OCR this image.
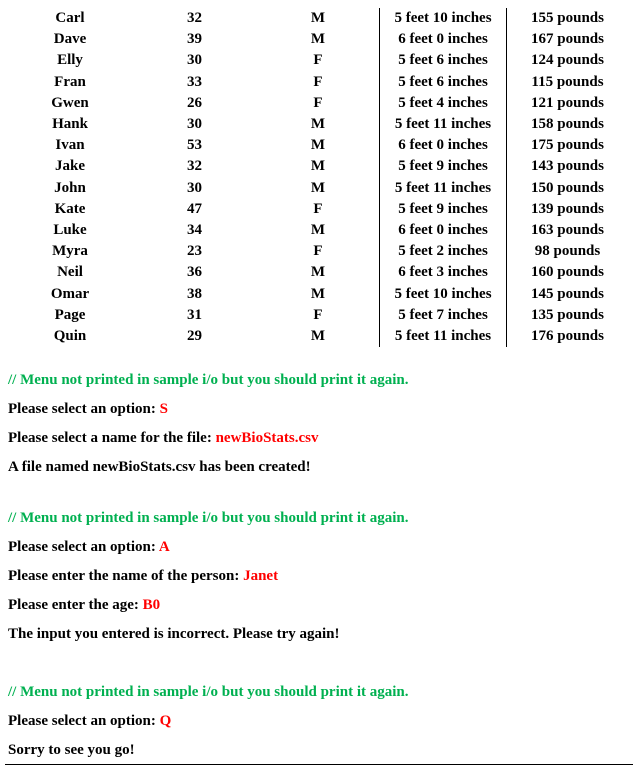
Carl	32	M	5 feet 10 inches	155 pounds
Dave	39	M	6 feet 0 inches	167 pounds
Elly	30	F	5 feet 6 inches	124 pounds
Fran	33	F	5 feet 6 inches	115 pounds
Gwen	26	F	5 feet 4 inches	121 pounds
Hank	30	M	5 feet 11 inches	158 pounds
Ivan	53	M	6 feet 0 inches	175 pounds
Jake	32	M	5 feet 9 inches	143 pounds
John	30	M	5 feet 11 inches	150 pounds
Kate	47	F	5 feet 9 inches	139 pounds
Luke	34	M	6 feet 0 inches	163 pounds
Myra	23	F	5 feet 2 inches	98 pounds
Neil	36	M	6 feet 3 inches	160 pounds
Omar	38	M	5 feet 10 inches	145 pounds
Page	31	F	5 feet 7 inches	135 pounds
Quin	29	M	5 feet 11 inches	176 pounds
// Menu not printed in sample i/o but you should print it again.
Please select an option: S
Please select a name for the file: newBioStats.csv
A file named newBioStats.csv has been created!
// Menu not printed in sample i/o but you should print it again.
Please select an option: A
Please enter the name of the person: Janet
Please enter the age: B0
The input you entered is incorrect. Please try again!
// Menu not printed in sample i/o but you should print it again.
Please select an option: Q
Sorry to see you go!
